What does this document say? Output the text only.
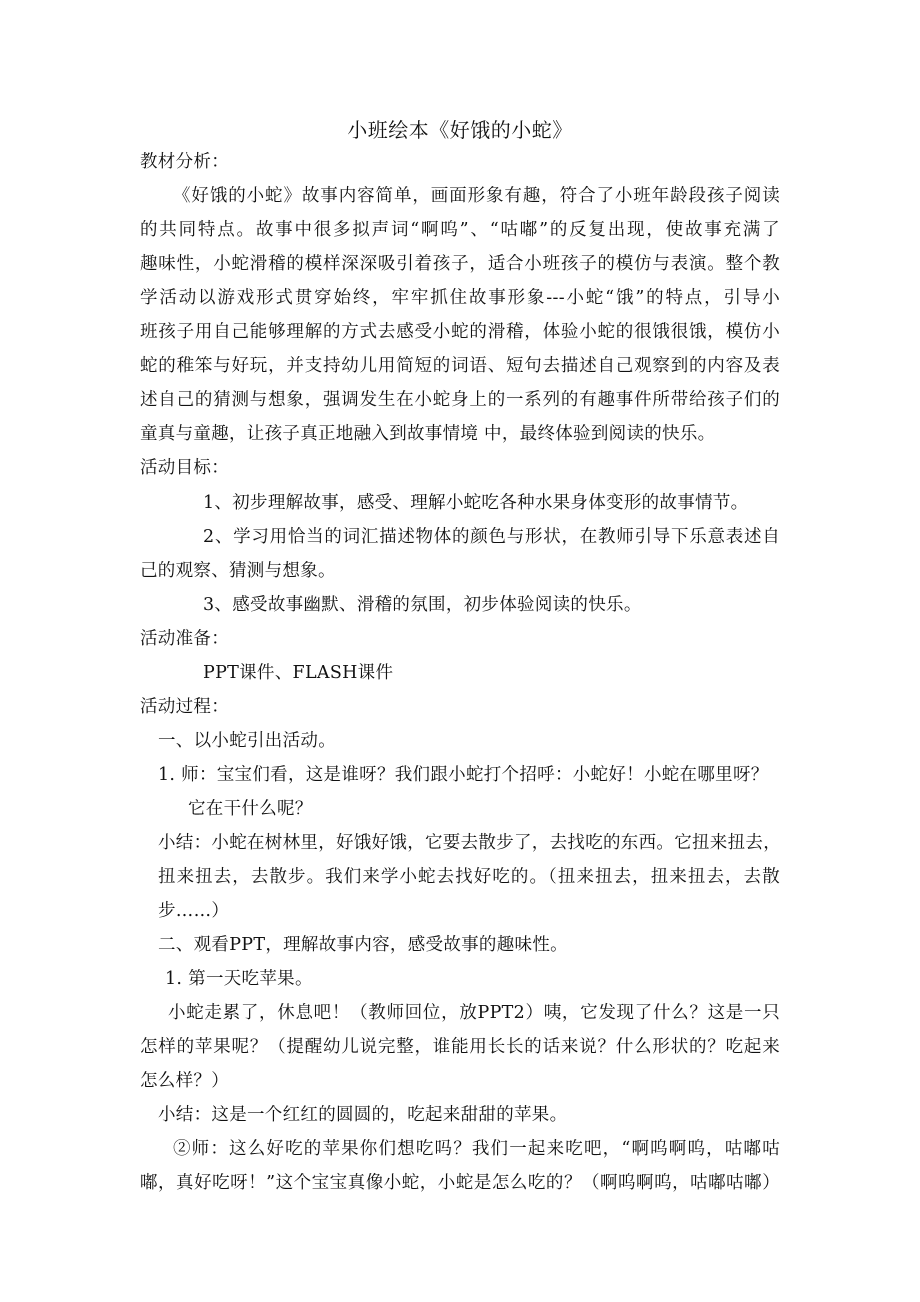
小班绘本《好饿的小蛇》
教材分析：
《好饿的小蛇》故事内容简单，画面形象有趣，符合了小班年龄段孩子阅读
的共同特点。故事中很多拟声词“啊呜”、“咕嘟”的反复出现，使故事充满了
趣味性，小蛇滑稽的模样深深吸引着孩子，适合小班孩子的模仿与表演。整个教
学活动以游戏形式贯穿始终，牢牢抓住故事形象---小蛇“饿”的特点，引导小
班孩子用自己能够理解的方式去感受小蛇的滑稽，体验小蛇的很饿很饿，模仿小
蛇的稚笨与好玩，并支持幼儿用简短的词语、短句去描述自己观察到的内容及表
述自己的猜测与想象，强调发生在小蛇身上的一系列的有趣事件所带给孩子们的
童真与童趣，让孩子真正地融入到故事情境 中，最终体验到阅读的快乐。
活动目标：
1、初步理解故事，感受、理解小蛇吃各种水果身体变形的故事情节。
2、学习用恰当的词汇描述物体的颜色与形状，在教师引导下乐意表述自
己的观察、猜测与想象。
3、感受故事幽默、滑稽的氛围，初步体验阅读的快乐。
活动准备：
PPT课件、FLASH课件
活动过程：
一、以小蛇引出活动。
1. 师：宝宝们看，这是谁呀？我们跟小蛇打个招呼：小蛇好！小蛇在哪里呀？
它在干什么呢？
小结：小蛇在树林里，好饿好饿，它要去散步了，去找吃的东西。它扭来扭去，
扭来扭去，去散步。我们来学小蛇去找好吃的。（扭来扭去，扭来扭去，去散
步……）
二、观看PPT，理解故事内容，感受故事的趣味性。
1. 第一天吃苹果。
小蛇走累了，休息吧！（教师回位，放PPT2）咦，它发现了什么？这是一只
怎样的苹果呢？（提醒幼儿说完整，谁能用长长的话来说？什么形状的？吃起来
怎么样？）
小结：这是一个红红的圆圆的，吃起来甜甜的苹果。
②师：这么好吃的苹果你们想吃吗？我们一起来吃吧，“啊呜啊呜，咕嘟咕
嘟，真好吃呀！”这个宝宝真像小蛇，小蛇是怎么吃的？（啊呜啊呜，咕嘟咕嘟）
